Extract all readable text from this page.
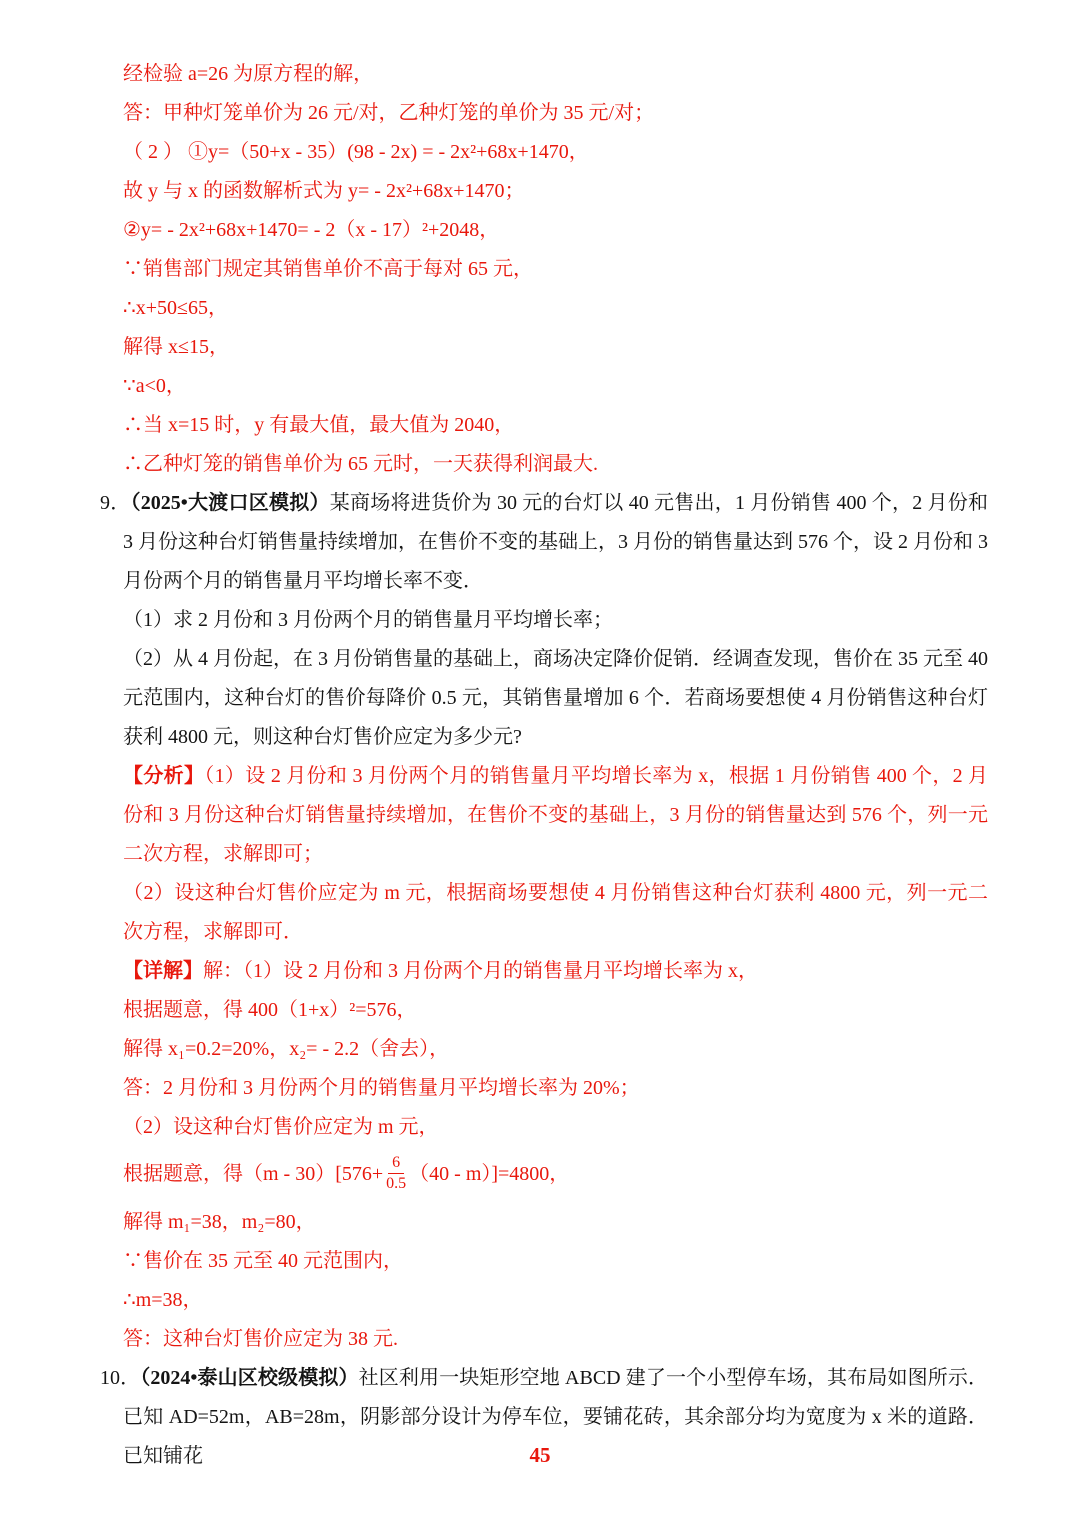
经检验 a=26 为原方程的解，
答：甲种灯笼单价为 26 元/对，乙种灯笼的单价为 35 元/对；
（ 2 ） ①y=（50+x - 35）(98 - 2x) = - 2x²+68x+1470，
故 y 与 x 的函数解析式为 y= - 2x²+68x+1470；
②y= - 2x²+68x+1470= - 2（x - 17）²+2048，
∵销售部门规定其销售单价不高于每对 65 元，
∴x+50≤65，
解得 x≤15，
∵a<0，
∴当 x=15 时，y 有最大值，最大值为 2040，
∴乙种灯笼的销售单价为 65 元时，一天获得利润最大.
9．（2025•大渡口区模拟）某商场将进货价为 30 元的台灯以 40 元售出，1 月份销售 400 个，2 月份和 3 月份这种台灯销售量持续增加，在售价不变的基础上，3 月份的销售量达到 576 个，设 2 月份和 3 月份两个月的销售量月平均增长率不变．
（1）求 2 月份和 3 月份两个月的销售量月平均增长率；
（2）从 4 月份起，在 3 月份销售量的基础上，商场决定降价促销．经调查发现，售价在 35 元至 40 元范围内，这种台灯的售价每降价 0.5 元，其销售量增加 6 个．若商场要想使 4 月份销售这种台灯获利 4800 元，则这种台灯售价应定为多少元?
【分析】（1）设 2 月份和 3 月份两个月的销售量月平均增长率为 x，根据 1 月份销售 400 个，2 月份和 3 月份这种台灯销售量持续增加，在售价不变的基础上，3 月份的销售量达到 576 个，列一元二次方程，求解即可；
（2）设这种台灯售价应定为 m 元，根据商场要想使 4 月份销售这种台灯获利 4800 元，列一元二次方程，求解即可．
【详解】解：（1）设 2 月份和 3 月份两个月的销售量月平均增长率为 x，
根据题意，得 400（1+x）²=576，
解得 x₁=0.2=20%，x₂= - 2.2（舍去），
答：2 月份和 3 月份两个月的销售量月平均增长率为 20%；
（2）设这种台灯售价应定为 m 元，
根据题意，得$(m - 30)[576+ \frac{6}{0.5} (40 - m)]=4800$，
解得 m₁=38，m₂=80，
∵售价在 35 元至 40 元范围内，
∴m=38，
答：这种台灯售价应定为 38 元.
10．（2024•泰山区校级模拟）社区利用一块矩形空地 ABCD 建了一个小型停车场，其布局如图所示．已知 AD=52m，AB=28m，阴影部分设计为停车位，要铺花砖，其余部分均为宽度为 x 米的道路．已知铺花	45
